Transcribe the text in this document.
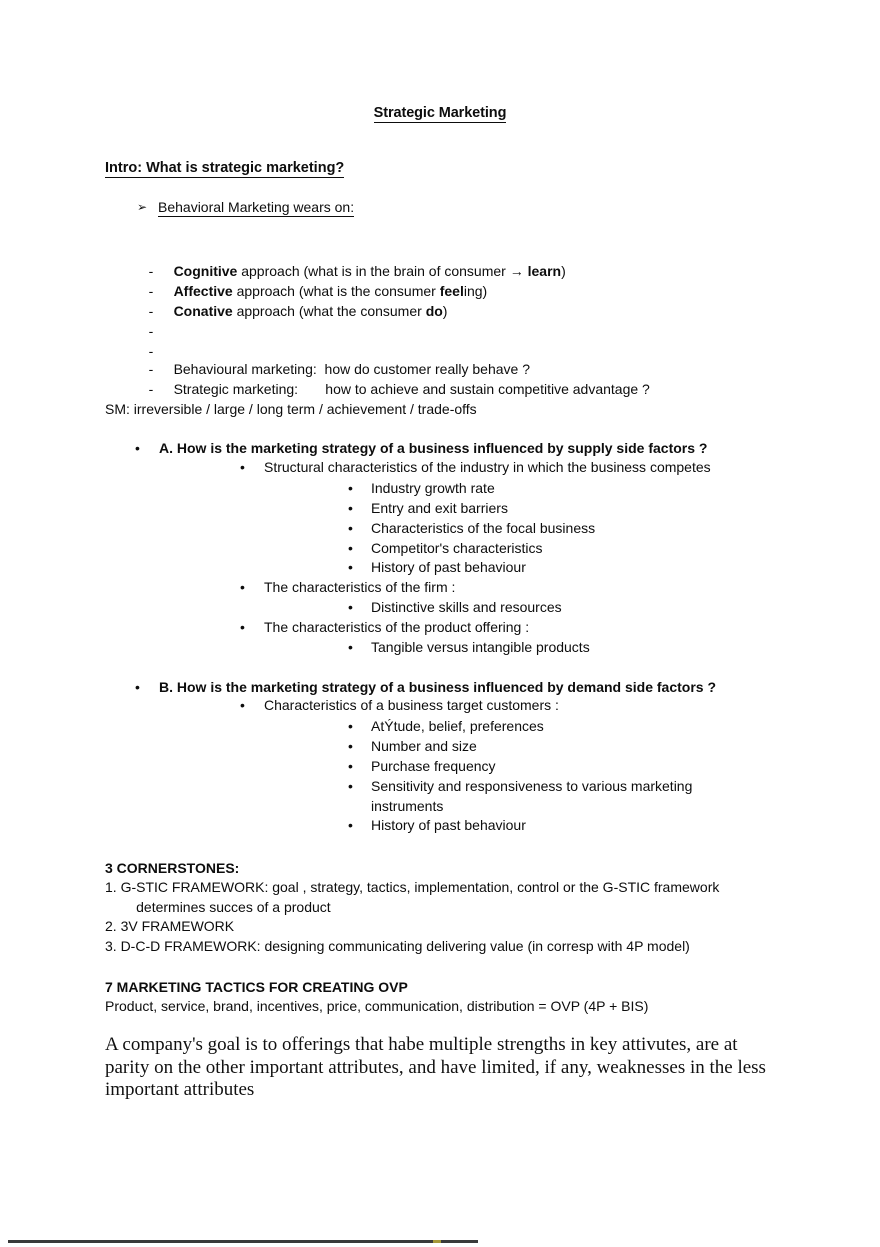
Strategic Marketing
Intro: What is strategic marketing?
➢ Behavioral Marketing wears on:

- Cognitive approach (what is in the brain of consumer → learn)

- Affective approach (what is the consumer feeling)

- Conative approach (what the consumer do)

-

-

- Behavioural marketing:  how do customer really behave ?

- Strategic marketing:       how to achieve and sustain competitive advantage ?

SM: irreversible / large / long term / achievement / trade-offs
• A. How is the marketing strategy of a business influenced by supply side factors ?
• Structural characteristics of the industry in which the business competes
• Industry growth rate
• Entry and exit barriers
• Characteristics of the focal business
• Competitor's characteristics
• History of past behaviour
• The characteristics of the firm :
• Distinctive skills and resources
• The characteristics of the product offering :
• Tangible versus intangible products
• B. How is the marketing strategy of a business influenced by demand side factors ?
• Characteristics of a business target customers :
• AtÝtude, belief, preferences
• Number and size
• Purchase frequency
• Sensitivity and responsiveness to various marketing instruments
• History of past behaviour
3 CORNERSTONES:
1. G-STIC FRAMEWORK: goal , strategy, tactics, implementation, control or the G-STIC framework
determines succes of a product
2. 3V FRAMEWORK
3. D-C-D FRAMEWORK: designing communicating delivering value (in corresp with 4P model)
7 MARKETING TACTICS FOR CREATING OVP
Product, service, brand, incentives, price, communication, distribution = OVP (4P + BIS)
A company's goal is to offerings that habe multiple strengths in key attivutes, are at parity on the other important attributes, and have limited, if any, weaknesses in the less important attributes
